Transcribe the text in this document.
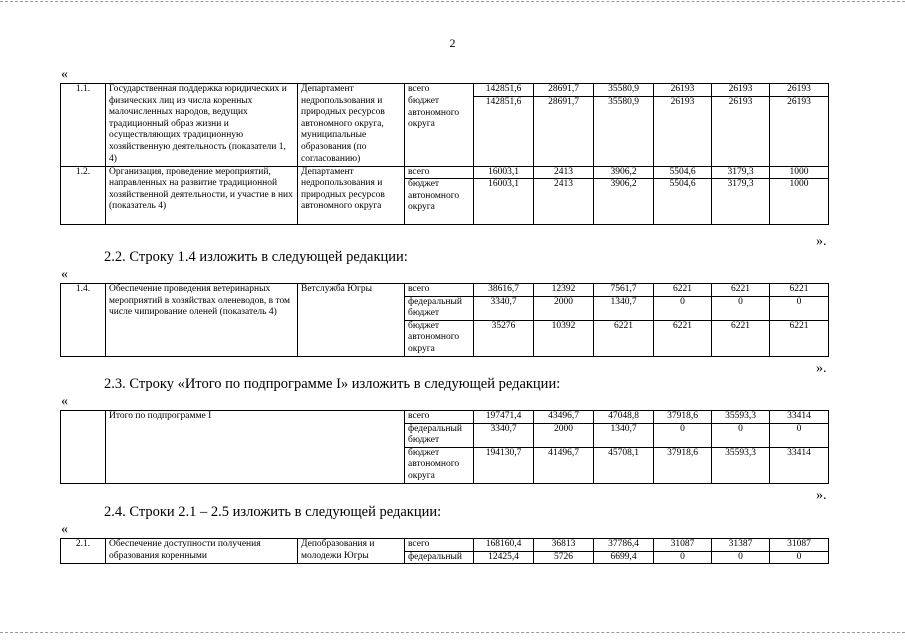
2
«
1.1.	Государственная поддержка юридических и физических лиц из числа коренных малочисленных народов, ведущих традиционный образ жизни и осуществляющих традиционную хозяйственную деятельность (показатели 1, 4)	Департамент недропользования и природных ресурсов автономного округа, муниципальные образования (по согласованию)	всего	142851,6	28691,7	35580,9	26193	26193	26193
			бюджет автономного округа	142851,6	28691,7	35580,9	26193	26193	26193
1.2.	Организация, проведение мероприятий, направленных на развитие традиционной хозяйственной деятельности, и участие в них (показатель 4)	Департамент недропользования и природных ресурсов автономного округа	всего	16003,1	2413	3906,2	5504,6	3179,3	1000
			бюджет автономного округа	16003,1	2413	3906,2	5504,6	3179,3	1000
».
2.2. Строку 1.4 изложить в следующей редакции:
«
1.4.	Обеспечение проведения ветеринарных мероприятий в хозяйствах оленеводов, в том числе чипирование оленей (показатель 4)	Ветслужба Югры	всего	38616,7	12392	7561,7	6221	6221	6221
			федеральный бюджет	3340,7	2000	1340,7	0	0	0
			бюджет автономного округа	35276	10392	6221	6221	6221	6221
».
2.3. Строку «Итого по подпрограмме I» изложить в следующей редакции:
«
	Итого по подпрограмме I	всего	197471,4	43496,7	47048,8	37918,6	35593,3	33414
		федеральный бюджет	3340,7	2000	1340,7	0	0	0
		бюджет автономного округа	194130,7	41496,7	45708,1	37918,6	35593,3	33414
».
2.4. Строки 2.1 – 2.5 изложить в следующей редакции:
«
2.1.	Обеспечение доступности получения образования коренными	Депобразования и молодежи Югры	всего	168160,4	36813	37786,4	31087	31387	31087
			федеральный	12425,4	5726	6699,4	0	0	0
